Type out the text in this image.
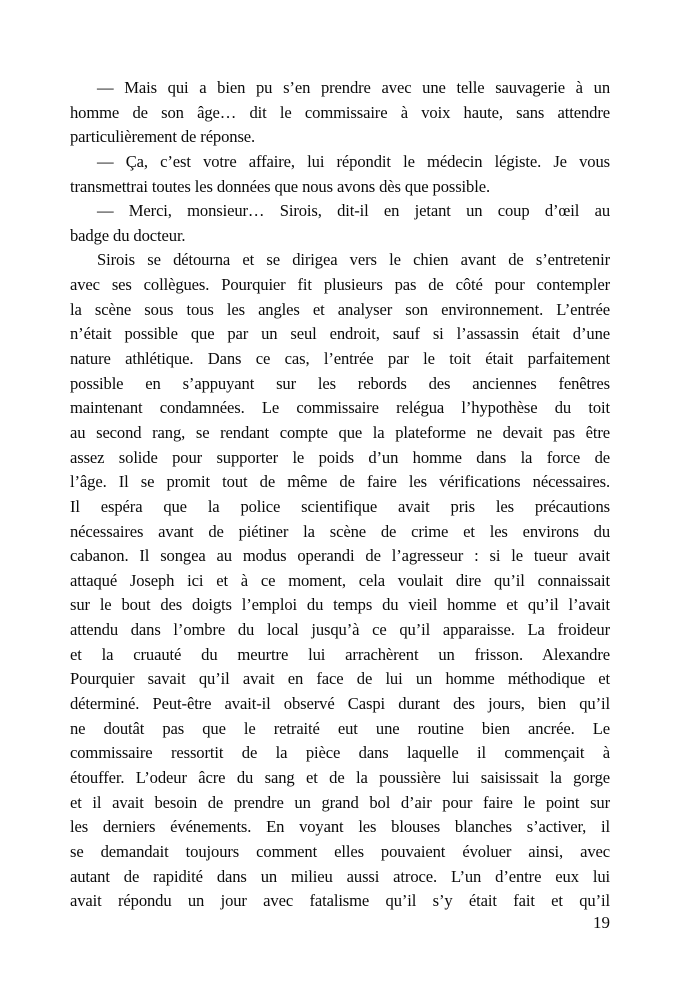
— Mais qui a bien pu s’en prendre avec une telle sauvagerie à un
homme de son âge… dit le commissaire à voix haute, sans attendre
particulièrement de réponse.
— Ça, c’est votre affaire, lui répondit le médecin légiste. Je vous
transmettrai toutes les données que nous avons dès que possible.
— Merci, monsieur… Sirois, dit-il en jetant un coup d’œil au
badge du docteur.
Sirois se détourna et se dirigea vers le chien avant de s’entretenir
avec ses collègues. Pourquier fit plusieurs pas de côté pour contempler
la scène sous tous les angles et analyser son environnement. L’entrée
n’était possible que par un seul endroit, sauf si l’assassin était d’une
nature athlétique. Dans ce cas, l’entrée par le toit était parfaitement
possible en s’appuyant sur les rebords des anciennes fenêtres
maintenant condamnées. Le commissaire relégua l’hypothèse du toit
au second rang, se rendant compte que la plateforme ne devait pas être
assez solide pour supporter le poids d’un homme dans la force de
l’âge. Il se promit tout de même de faire les vérifications nécessaires.
Il espéra que la police scientifique avait pris les précautions
nécessaires avant de piétiner la scène de crime et les environs du
cabanon. Il songea au modus operandi de l’agresseur : si le tueur avait
attaqué Joseph ici et à ce moment, cela voulait dire qu’il connaissait
sur le bout des doigts l’emploi du temps du vieil homme et qu’il l’avait
attendu dans l’ombre du local jusqu’à ce qu’il apparaisse. La froideur
et la cruauté du meurtre lui arrachèrent un frisson. Alexandre
Pourquier savait qu’il avait en face de lui un homme méthodique et
déterminé. Peut-être avait-il observé Caspi durant des jours, bien qu’il
ne doutât pas que le retraité eut une routine bien ancrée. Le
commissaire ressortit de la pièce dans laquelle il commençait à
étouffer. L’odeur âcre du sang et de la poussière lui saisissait la gorge
et il avait besoin de prendre un grand bol d’air pour faire le point sur
les derniers événements. En voyant les blouses blanches s’activer, il
se demandait toujours comment elles pouvaient évoluer ainsi, avec
autant de rapidité dans un milieu aussi atroce. L’un d’entre eux lui
avait répondu un jour avec fatalisme qu’il s’y était fait et qu’il
19
